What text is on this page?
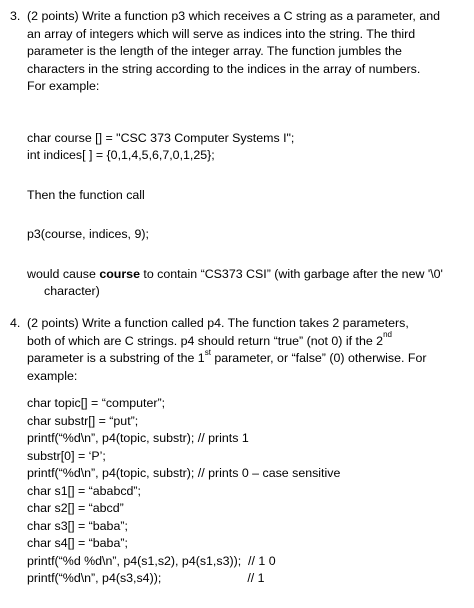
3. (2 points) Write a function p3 which receives a C string as a parameter, and
an array of integers which will serve as indices into the string. The third
parameter is the length of the integer array. The function jumbles the
characters in the string according to the indices in the array of numbers.
For example:
char course [] = "CSC 373 Computer Systems I";
int indices[ ] = {0,1,4,5,6,7,0,1,25};
Then the function call
p3(course, indices, 9);
would cause course to contain “CS373 CSI” (with garbage after the new '\0'
character)
4. (2 points) Write a function called p4. The function takes 2 parameters,
both of which are C strings. p4 should return “true” (not 0) if the 2nd
parameter is a substring of the 1st parameter, or “false” (0) otherwise. For
example:
char topic[] = “computer”;
char substr[] = “put”;
printf(“%d\n”, p4(topic, substr); // prints 1
substr[0] = ‘P’;
printf(“%d\n”, p4(topic, substr); // prints 0 – case sensitive
char s1[] = “ababcd”;
char s2[] = “abcd”
char s3[] = “baba”;
char s4[] = “baba”;
printf(“%d %d\n”, p4(s1,s2), p4(s1,s3));  // 1 0
printf(“%d\n”, p4(s3,s4));                         // 1
